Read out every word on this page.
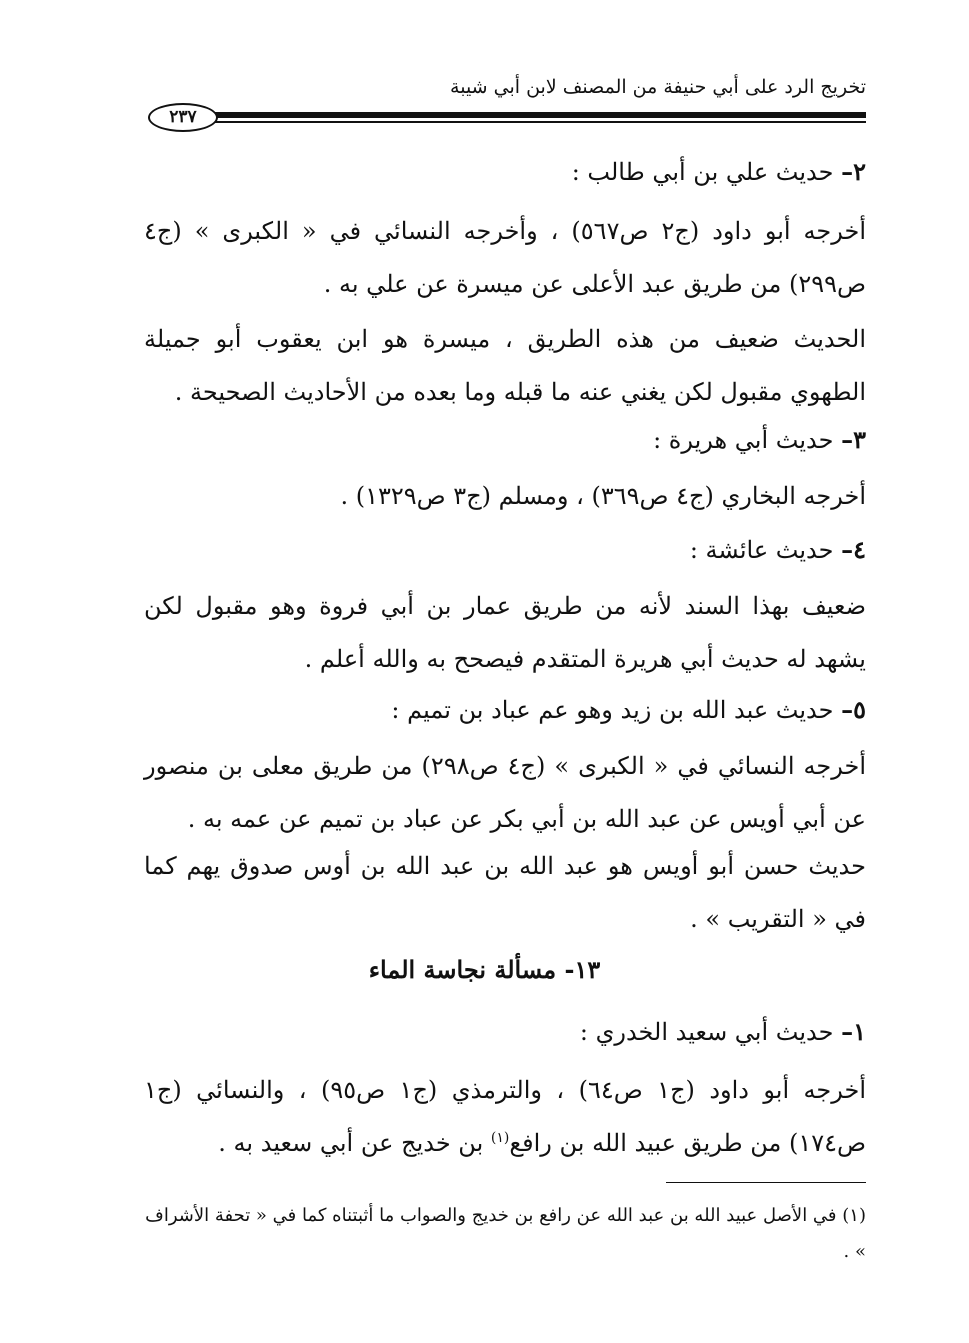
تخريج الرد على أبي حنيفة من المصنف لابن أبي شيبة
٢٣٧
٢– حديث علي بن أبي طالب :

أخرجه أبو داود (ج٢ ص٥٦٧) ، وأخرجه النسائي في « الكبرى » (ج٤ ص٢٩٩) من طريق عبد الأعلى عن ميسرة عن علي به .

الحديث ضعيف من هذه الطريق ، ميسرة هو ابن يعقوب أبو جميلة الطهوي مقبول لكن يغني عنه ما قبله وما بعده من الأحاديث الصحيحة .

٣– حديث أبي هريرة :

أخرجه البخاري (ج٤ ص٣٦٩) ، ومسلم (ج٣ ص١٣٢٩) .

٤– حديث عائشة :

ضعيف بهذا السند لأنه من طريق عمار بن أبي فروة وهو مقبول لكن يشهد له حديث أبي هريرة المتقدم فيصحح به والله أعلم .

٥– حديث عبد الله بن زيد وهو عم عباد بن تميم :

أخرجه النسائي في « الكبرى » (ج٤ ص٢٩٨) من طريق معلى بن منصور عن أبي أويس عن عبد الله بن أبي بكر عن عباد بن تميم عن عمه به .

حديث حسن أبو أويس هو عبد الله بن عبد الله بن أوس صدوق يهم كما في « التقريب » .

١٣- مسألة نجاسة الماء
١– حديث أبي سعيد الخدري :

أخرجه أبو داود (ج١ ص٦٤) ، والترمذي (ج١ ص٩٥) ، والنسائي (ج١ ص١٧٤) من طريق عبيد الله بن رافع$^{(١)}$ بن خديج عن أبي سعيد به .

(١) في الأصل عبيد الله بن عبد الله عن رافع بن خديج والصواب ما أثبتناه كما في « تحفة الأشراف » .
